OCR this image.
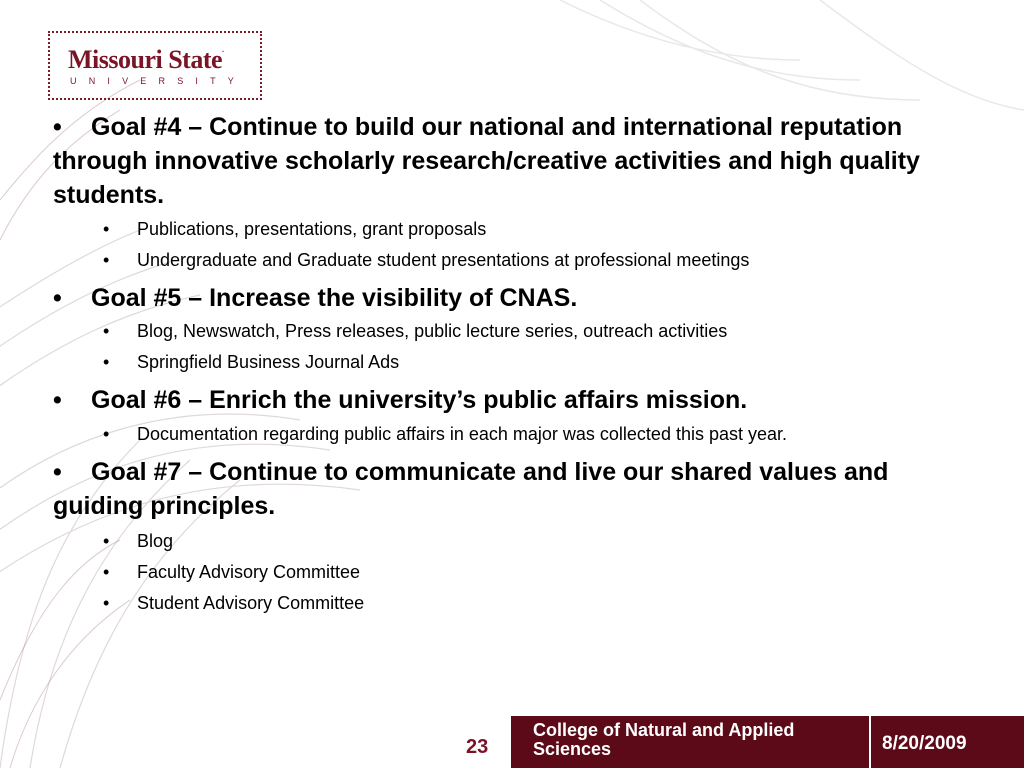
Missouri State.
UNIVERSITY
• Goal #4 – Continue to build our national and international reputation through innovative scholarly research/creative activities and high quality students.
• Publications, presentations, grant proposals
• Undergraduate and Graduate student presentations at professional meetings
• Goal #5 – Increase the visibility of CNAS.
• Blog, Newswatch, Press releases, public lecture series, outreach activities
• Springfield Business Journal Ads
• Goal #6 – Enrich the university’s public affairs mission.
• Documentation regarding public affairs in each major was collected this past year.
• Goal #7 – Continue to communicate and live our shared values and guiding principles.
• Blog
• Faculty Advisory Committee
• Student Advisory Committee
23
College of Natural and Applied Sciences	8/20/2009
